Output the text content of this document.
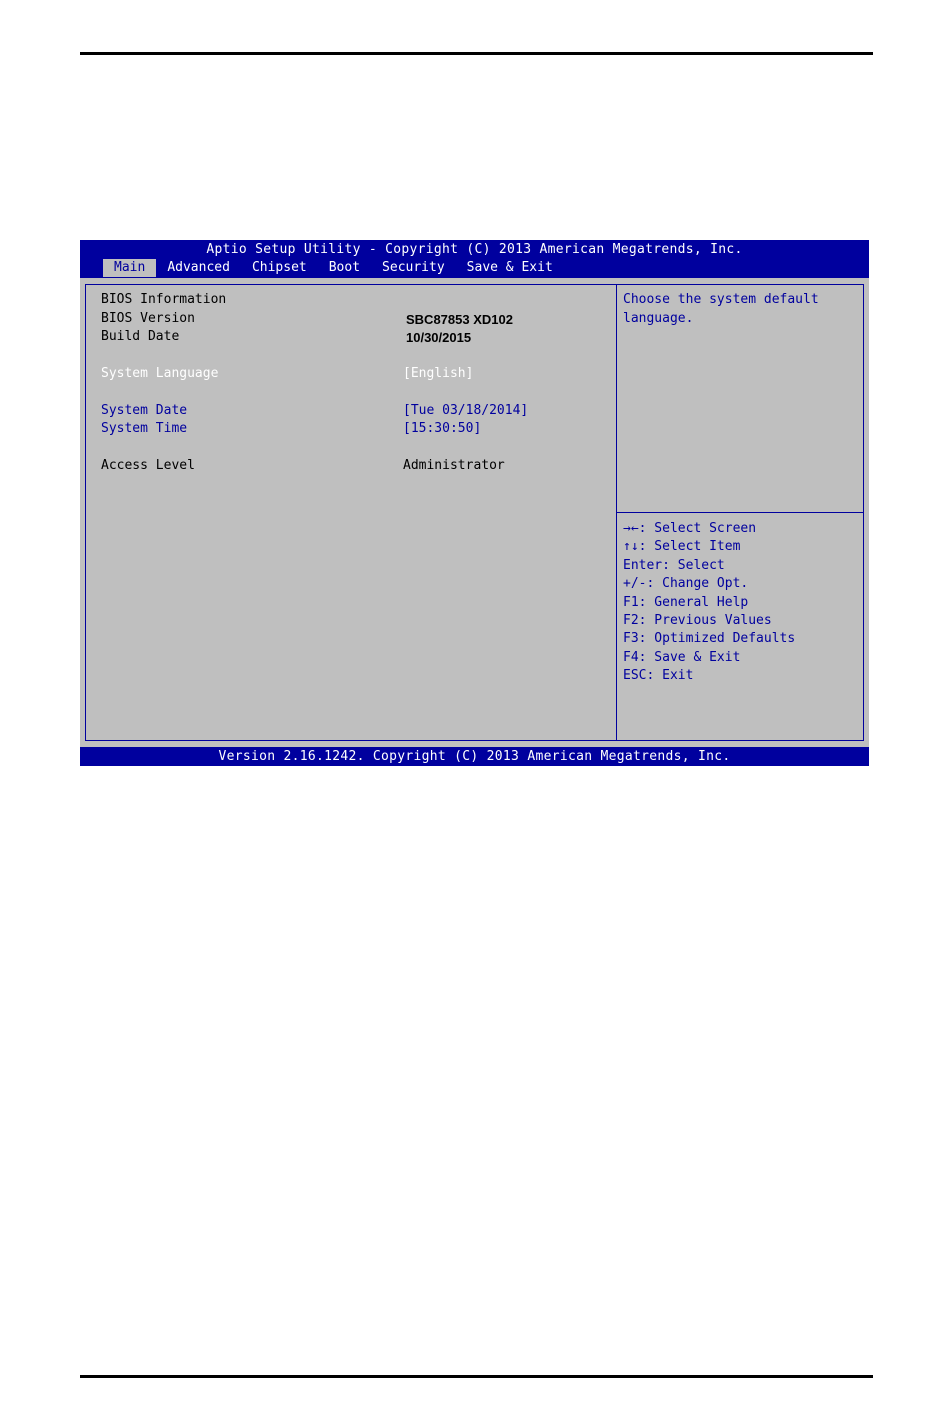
Aptio Setup Utility - Copyright (C) 2013 American Megatrends, Inc.
Main	Advanced	Chipset	Boot	Security	Save & Exit
BIOS Information
BIOS Version	SBC87853 XD102
Build Date	10/30/2015
System Language	[English]
System Date	[Tue 03/18/2014]
System Time	[15:30:50]
Access Level	Administrator
Choose the system default
language.
→←: Select Screen
↑↓: Select Item
Enter: Select
+/-: Change Opt.
F1: General Help
F2: Previous Values
F3: Optimized Defaults
F4: Save & Exit
ESC: Exit
Version 2.16.1242. Copyright (C) 2013 American Megatrends, Inc.
